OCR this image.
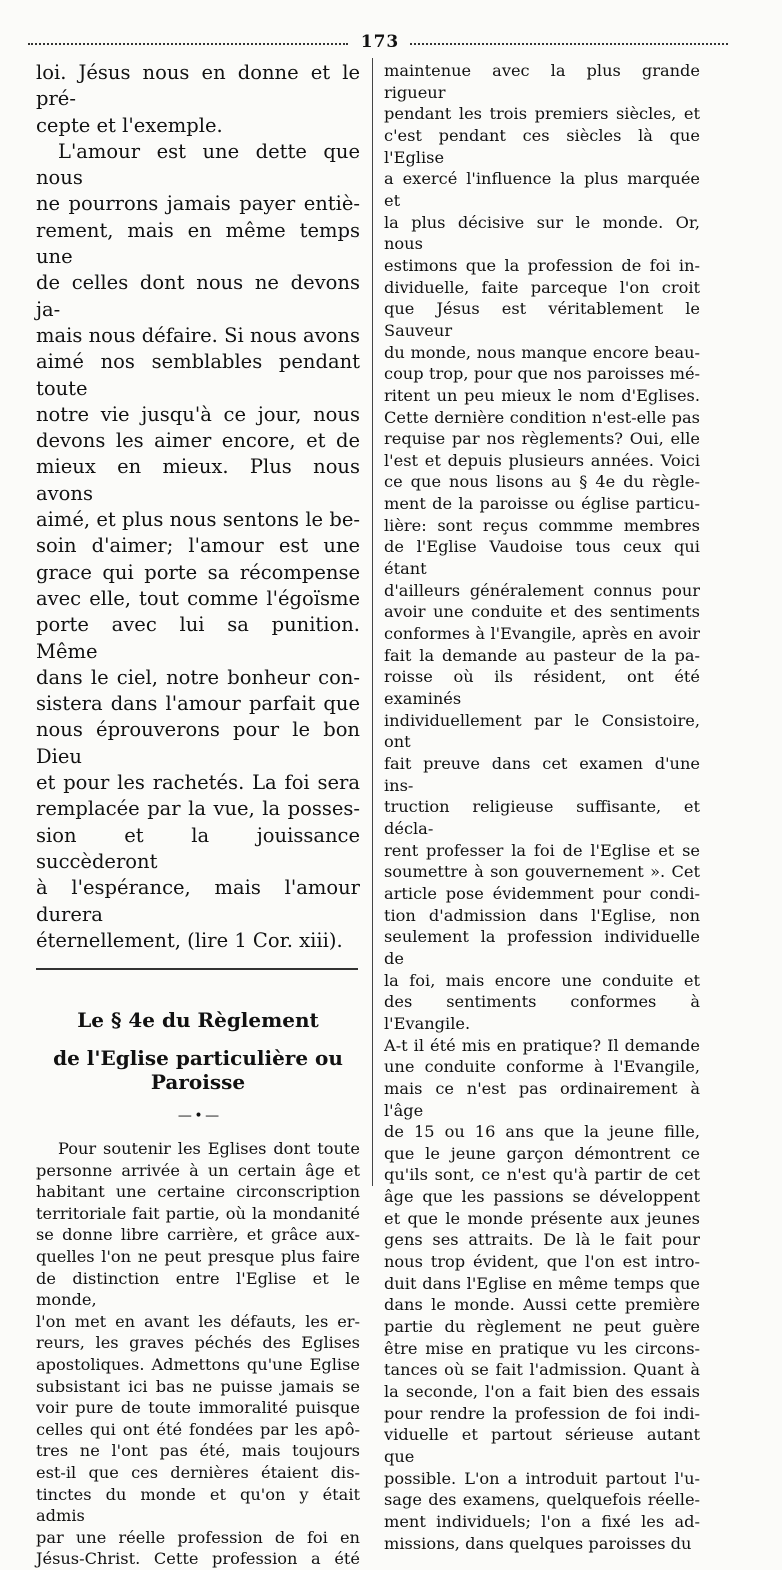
173

loi. Jésus nous en donne et le pré-

cepte et l'exemple.

L'amour est une dette que nous

ne pourrons jamais payer entiè-

rement, mais en même temps une

de celles dont nous ne devons ja-

mais nous défaire. Si nous avons

aimé nos semblables pendant toute

notre vie jusqu'à ce jour, nous

devons les aimer encore, et de

mieux en mieux. Plus nous avons

aimé, et plus nous sentons le be-

soin d'aimer; l'amour est une

grace qui porte sa récompense

avec elle, tout comme l'égoïsme

porte avec lui sa punition. Même

dans le ciel, notre bonheur con-

sistera dans l'amour parfait que

nous éprouverons pour le bon Dieu

et pour les rachetés. La foi sera

remplacée par la vue, la posses-

sion et la jouissance succèderont

à l'espérance, mais l'amour durera

éternellement, (lire 1 Cor. xiii).

Le § 4e du Règlement

de l'Eglise particulière ou Paroisse

— • —

Pour soutenir les Eglises dont toute

personne arrivée à un certain âge et

habitant une certaine circonscription

territoriale fait partie, où la mondanité

se donne libre carrière, et grâce aux-

quelles l'on ne peut presque plus faire

de distinction entre l'Eglise et le monde,

l'on met en avant les défauts, les er-

reurs, les graves péchés des Eglises

apostoliques. Admettons qu'une Eglise

subsistant ici bas ne puisse jamais se

voir pure de toute immoralité puisque

celles qui ont été fondées par les apô-

tres ne l'ont pas été, mais toujours

est-il que ces dernières étaient dis-

tinctes du monde et qu'on y était admis

par une réelle profession de foi en

Jésus-Christ. Cette profession a été

maintenue avec la plus grande rigueur

pendant les trois premiers siècles, et

c'est pendant ces siècles là que l'Eglise

a exercé l'influence la plus marquée et

la plus décisive sur le monde. Or, nous

estimons que la profession de foi in-

dividuelle, faite parceque l'on croit

que Jésus est véritablement le Sauveur

du monde, nous manque encore beau-

coup trop, pour que nos paroisses mé-

ritent un peu mieux le nom d'Eglises.

Cette dernière condition n'est-elle pas

requise par nos règlements? Oui, elle

l'est et depuis plusieurs années. Voici

ce que nous lisons au § 4e du règle-

ment de la paroisse ou église particu-

lière: sont reçus commme membres

de l'Eglise Vaudoise tous ceux qui étant

d'ailleurs généralement connus pour

avoir une conduite et des sentiments

conformes à l'Evangile, après en avoir

fait la demande au pasteur de la pa-

roisse où ils résident, ont été examinés

individuellement par le Consistoire, ont

fait preuve dans cet examen d'une ins-

truction religieuse suffisante, et décla-

rent professer la foi de l'Eglise et se

soumettre à son gouvernement ». Cet

article pose évidemment pour condi-

tion d'admission dans l'Eglise, non

seulement la profession individuelle de

la foi, mais encore une conduite et

des sentiments conformes à l'Evangile.

A-t il été mis en pratique? Il demande

une conduite conforme à l'Evangile,

mais ce n'est pas ordinairement à l'âge

de 15 ou 16 ans que la jeune fille,

que le jeune garçon démontrent ce

qu'ils sont, ce n'est qu'à partir de cet

âge que les passions se développent

et que le monde présente aux jeunes

gens ses attraits. De là le fait pour

nous trop évident, que l'on est intro-

duit dans l'Eglise en même temps que

dans le monde. Aussi cette première

partie du règlement ne peut guère

être mise en pratique vu les circons-

tances où se fait l'admission. Quant à

la seconde, l'on a fait bien des essais

pour rendre la profession de foi indi-

viduelle et partout sérieuse autant que

possible. L'on a introduit partout l'u-

sage des examens, quelquefois réelle-

ment individuels; l'on a fixé les ad-

missions, dans quelques paroisses du
